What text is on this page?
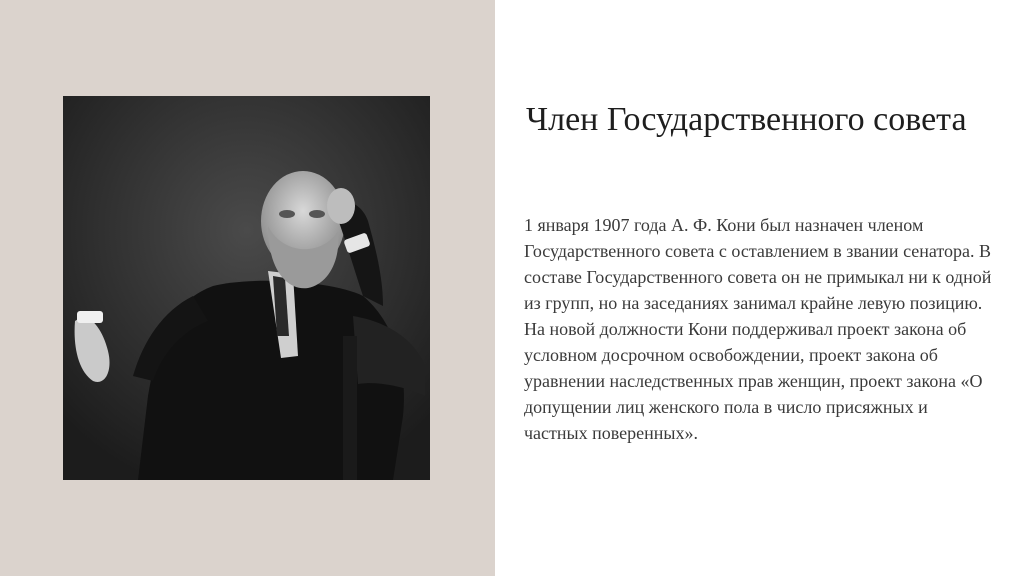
Член Государственного совета

1 января 1907 года А. Ф. Кони был назначен членом Государственного совета с оставлением в звании сенатора. В составе Государственного совета он не примыкал ни к одной из групп, но на заседаниях занимал крайне левую позицию. На новой должности Кони поддерживал проект закона об условном досрочном освобождении, проект закона об уравнении наследственных прав женщин, проект закона «О допущении лиц женского пола в число присяжных и частных поверенных».
